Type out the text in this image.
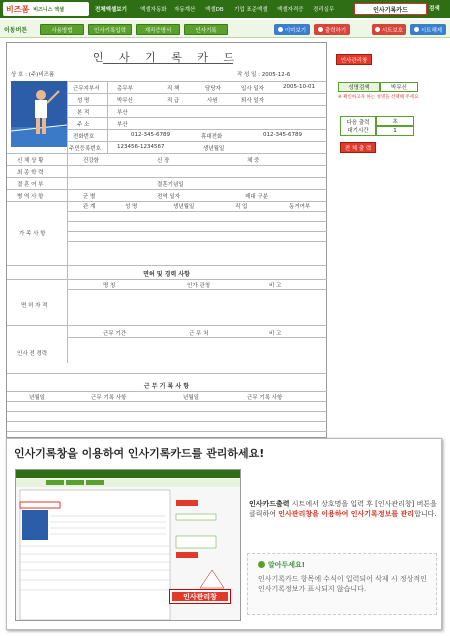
비즈폼 비즈니스 엑셀	전체엑셀보기 엑셀자동화 자동계산 엑셀DB 기업 표준엑셀 엑셀자격증 경리실무	인사기록카드	검색
이동버튼	사용방법	인사기록입력	재직증명서	인사기록	이미보기	출력하기	시트보호	시트해제
인 사 기 록 카 드
상 호 : (주)비즈폼	작 성 일 : 2005-12-6
근무지부서	총무부	직 책	담당자	입사 일자	2005-10-01
성 명	박무신	직 급	사원	퇴사 일자
본 적	부산
주 소	부산
전화번호	012-345-6789	휴대전화	012-345-6789
주민등록번호	123456-1234567	생년월일
신 체 상 황	건강함	신 장	체 중
최 종 학 력
결 혼 여 부	결혼기념일
병 역 사 항	군 별	전역 일자	제대 구분
관 계	성 명	생년월일	직 업	동거여부
가 족 사 항
면허 및 경력 사항
명 칭	인가 관청	비 고
면 허 자 격
근무 기간	근 무 처	비 고
인사 전 경력
근 무 기 록 사 항
년월일	근무 기록 사항	년월일	근무 기록 사항
인사관리창
성명검색	박무신
※ 확인하고자 하는 성명을 선택해 주세요
다음 출력
대기시간
초
1
전 체 출 력
인사기록창을 이용하여 인사기록카드를 관리하세요!
인사관리창
인사카드출력 시트에서 상호명을 입력 후 [인사관리창] 버튼을 클릭하여 인사관리창을 이용하여 인사기록정보를 관리합니다.
알아두세요!
인사기록카드 항목에 수식이 입력되어 삭제 시 정상적인 인사기록정보가 표시되지 않습니다.
